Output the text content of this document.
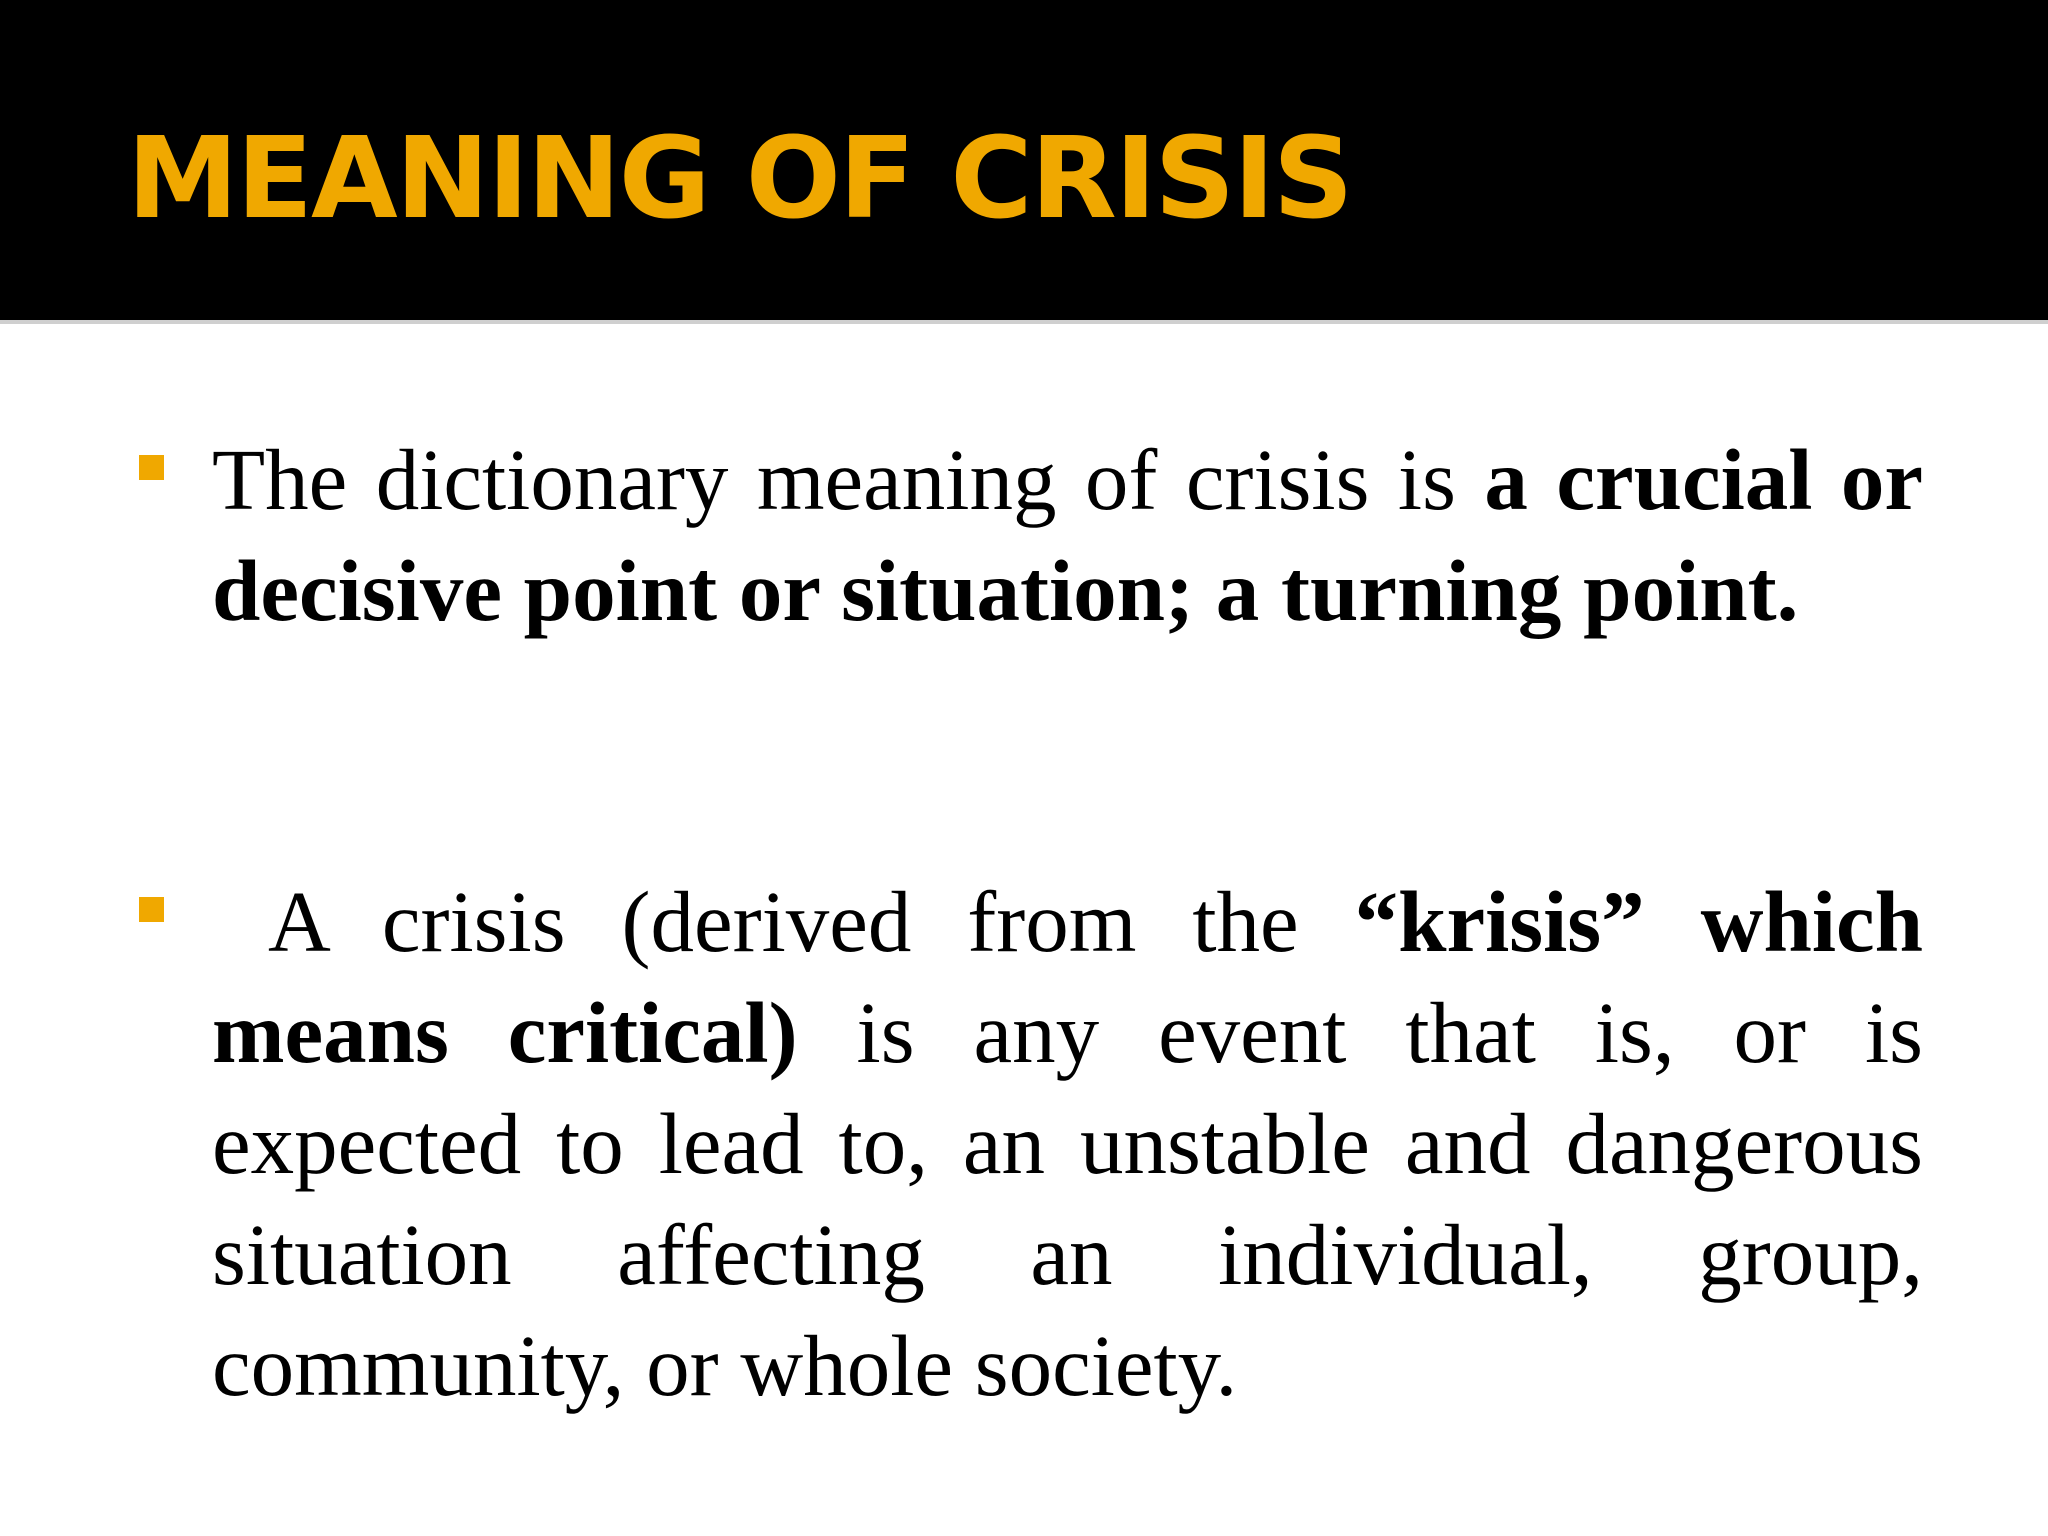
MEANING OF CRISIS
The dictionary meaning of crisis is a crucial or decisive point or situation; a turning point.
A crisis (derived from the “krisis” which means critical) is any event that is, or is expected to lead to, an unstable and dangerous situation affecting an individual, group, community, or whole society.
